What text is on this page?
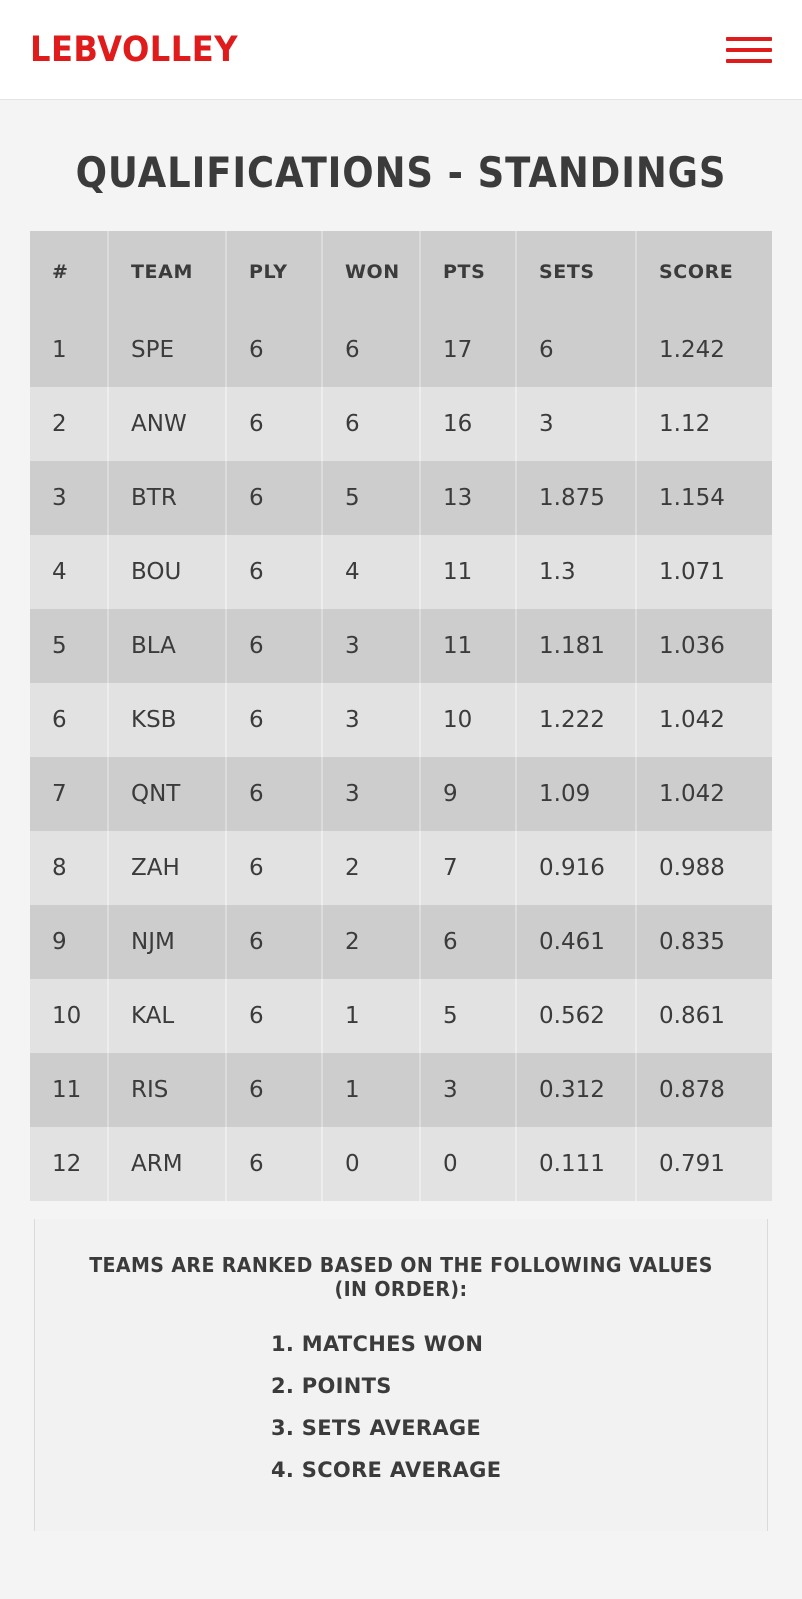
LEBVOLLEY
QUALIFICATIONS - STANDINGS
#	TEAM	PLY	WON	PTS	SETS	SCORE
1	SPE	6	6	17	6	1.242
2	ANW	6	6	16	3	1.12
3	BTR	6	5	13	1.875	1.154
4	BOU	6	4	11	1.3	1.071
5	BLA	6	3	11	1.181	1.036
6	KSB	6	3	10	1.222	1.042
7	QNT	6	3	9	1.09	1.042
8	ZAH	6	2	7	0.916	0.988
9	NJM	6	2	6	0.461	0.835
10	KAL	6	1	5	0.562	0.861
11	RIS	6	1	3	0.312	0.878
12	ARM	6	0	0	0.111	0.791
TEAMS ARE RANKED BASED ON THE FOLLOWING VALUES (IN ORDER):
1. MATCHES WON
2. POINTS
3. SETS AVERAGE
4. SCORE AVERAGE
